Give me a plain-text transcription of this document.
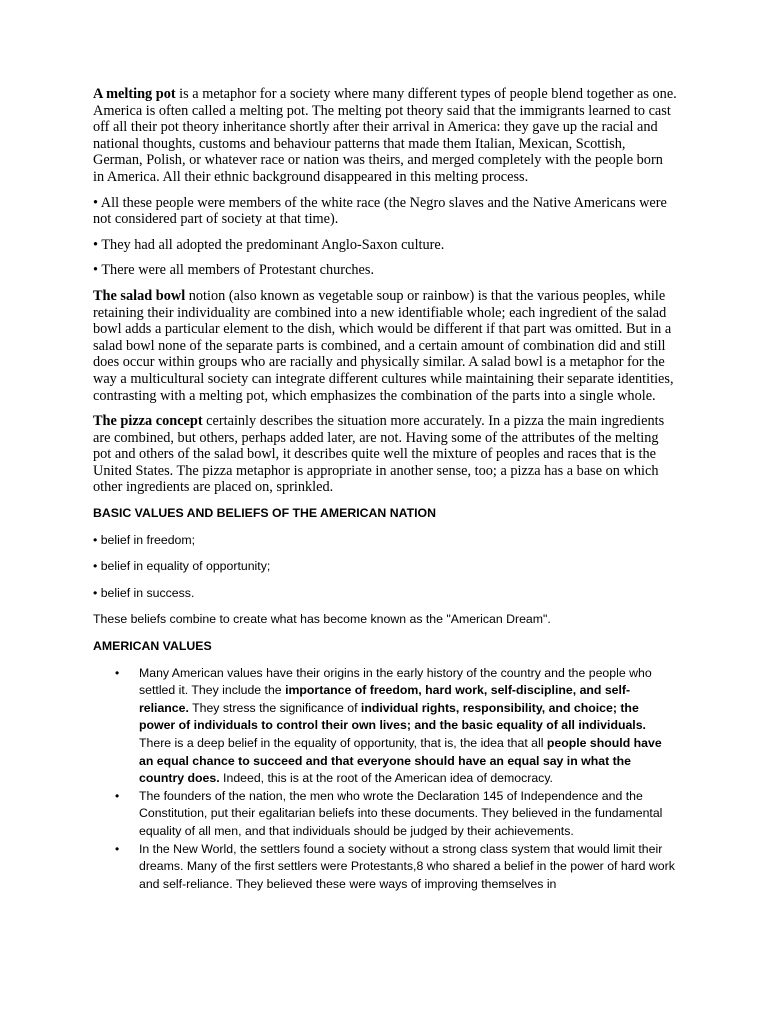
A melting pot is a metaphor for a society where many different types of people blend together as one. America is often called a melting pot. The melting pot theory said that the immigrants learned to cast off all their pot theory inheritance shortly after their arrival in America: they gave up the racial and national thoughts, customs and behaviour patterns that made them Italian, Mexican, Scottish, German, Polish, or whatever race or nation was theirs, and merged completely with the people born in America. All their ethnic background disappeared in this melting process.

• All these people were members of the white race (the Negro slaves and the Native Americans were not considered part of society at that time).

• They had all adopted the predominant Anglo-Saxon culture.

• There were all members of Protestant churches.

The salad bowl notion (also known as vegetable soup or rainbow) is that the various peoples, while retaining their individuality are combined into a new identifiable whole; each ingredient of the salad bowl adds a particular element to the dish, which would be different if that part was omitted. But in a salad bowl none of the separate parts is combined, and a certain amount of combination did and still does occur within groups who are racially and physically similar. A salad bowl is a metaphor for the way a multicultural society can integrate different cultures while maintaining their separate identities, contrasting with a melting pot, which emphasizes the combination of the parts into a single whole.

The pizza concept certainly describes the situation more accurately. In a pizza the main ingredients are combined, but others, perhaps added later, are not. Having some of the attributes of the melting pot and others of the salad bowl, it describes quite well the mixture of peoples and races that is the United States. The pizza metaphor is appropriate in another sense, too; a pizza has a base on which other ingredients are placed on, sprinkled.

BASIC VALUES AND BELIEFS OF THE AMERICAN NATION

• belief in freedom;

• belief in equality of opportunity;

• belief in success.

These beliefs combine to create what has become known as the "American Dream".

AMERICAN VALUES

• Many American values have their origins in the early history of the country and the people who settled it. They include the importance of freedom, hard work, self-discipline, and self-reliance. They stress the significance of individual rights, responsibility, and choice; the power of individuals to control their own lives; and the basic equality of all individuals. There is a deep belief in the equality of opportunity, that is, the idea that all people should have an equal chance to succeed and that everyone should have an equal say in what the country does. Indeed, this is at the root of the American idea of democracy.
• The founders of the nation, the men who wrote the Declaration 145 of Independence and the Constitution, put their egalitarian beliefs into these documents. They believed in the fundamental equality of all men, and that individuals should be judged by their achievements.
• In the New World, the settlers found a society without a strong class system that would limit their dreams. Many of the first settlers were Protestants,8 who shared a belief in the power of hard work and self-reliance. They believed these were ways of improving themselves in
